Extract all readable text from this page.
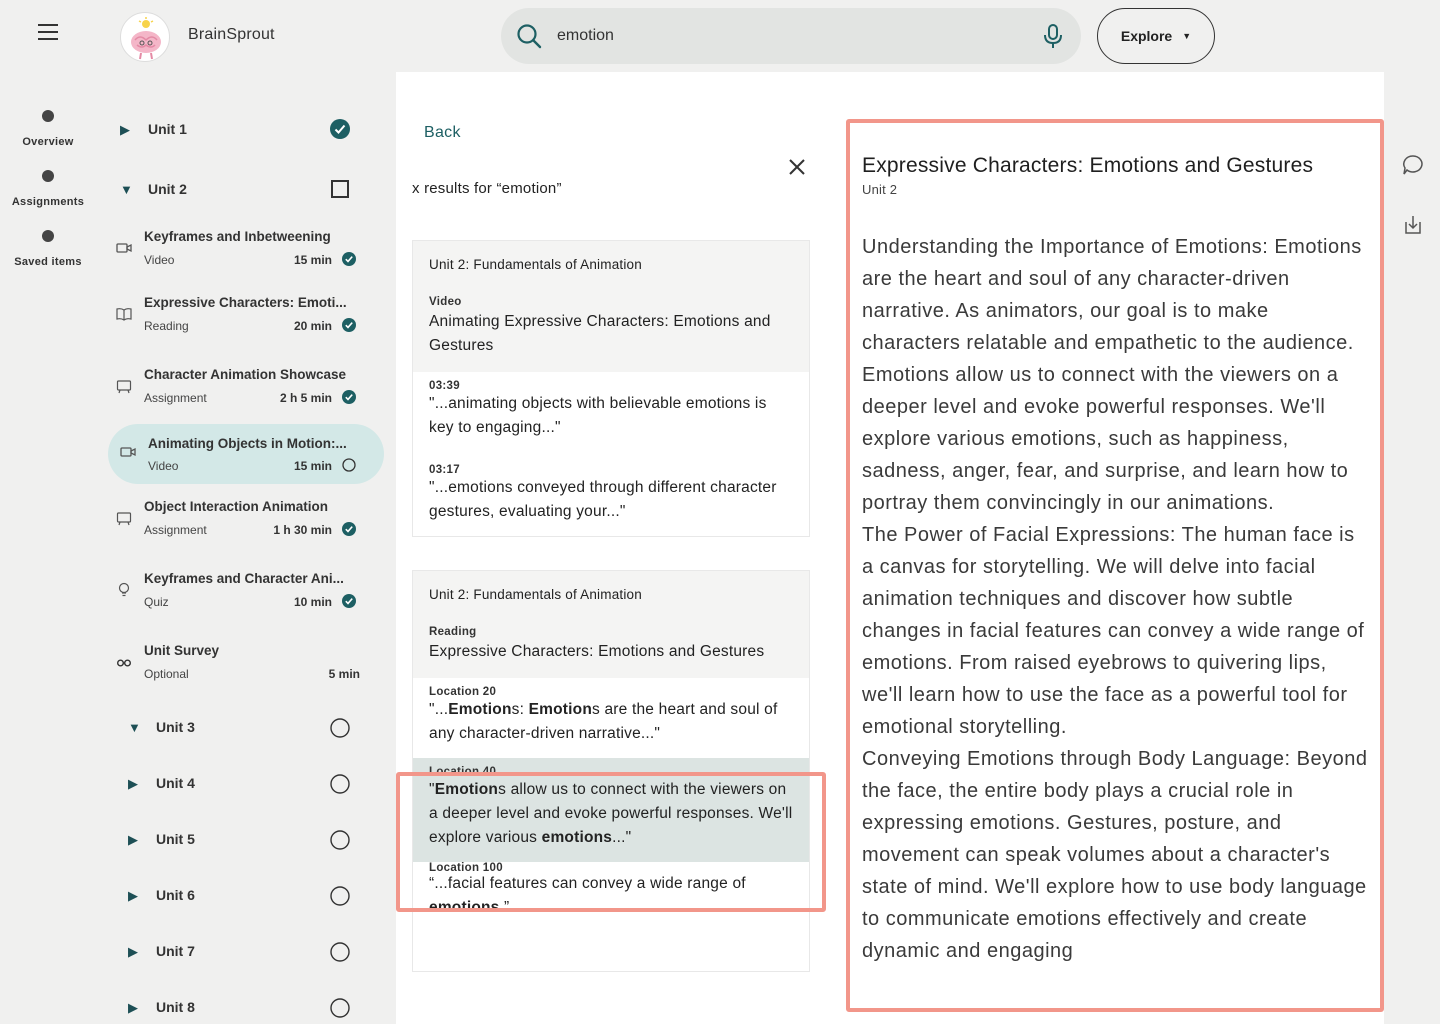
Overview
Assignments
Saved items
BrainSprout
emotion	Explore ▼
▶ Unit 1
▼ Unit 2
Keyframes and Inbetweening
Video	15 min
Expressive Characters: Emoti...
Reading	20 min
Character Animation Showcase
Assignment	2 h 5 min
Animating Objects in Motion:...
Video	15 min
Object Interaction Animation
Assignment	1 h 30 min
Keyframes and Character Ani...
Quiz	10 min
Unit Survey
Optional	5 min
▼ Unit 3
▶ Unit 4
▶ Unit 5
▶ Unit 6
▶ Unit 7
▶ Unit 8
Back
x results for “emotion”
Unit 2: Fundamentals of Animation
Video
Animating Expressive Characters: Emotions and Gestures
03:39
"...animating objects with believable emotions is key to engaging..."
03:17
"...emotions conveyed through different character gestures, evaluating your..."
Unit 2: Fundamentals of Animation
Reading
Expressive Characters: Emotions and Gestures
Location 20
"...Emotions: Emotions are the heart and soul of any character-driven narrative..."
Location 40
"Emotions allow us to connect with the viewers on a deeper level and evoke powerful responses. We'll explore various emotions..."
Location 100
“...facial features can convey a wide range of emotions.”
Expressive Characters: Emotions and Gestures
Unit 2

Understanding the Importance of Emotions: Emotions are the heart and soul of any character-driven narrative. As animators, our goal is to make characters relatable and empathetic to the audience. Emotions allow us to connect with the viewers on a deeper level and evoke powerful responses. We'll explore various emotions, such as happiness, sadness, anger, fear, and surprise, and learn how to portray them convincingly in our animations.

The Power of Facial Expressions: The human face is a canvas for storytelling. We will delve into facial animation techniques and discover how subtle changes in facial features can convey a wide range of emotions. From raised eyebrows to quivering lips, we'll learn how to use the face as a powerful tool for emotional storytelling.

Conveying Emotions through Body Language: Beyond the face, the entire body plays a crucial role in expressing emotions. Gestures, posture, and movement can speak volumes about a character's state of mind. We'll explore how to use body language to communicate emotions effectively and create dynamic and engaging
